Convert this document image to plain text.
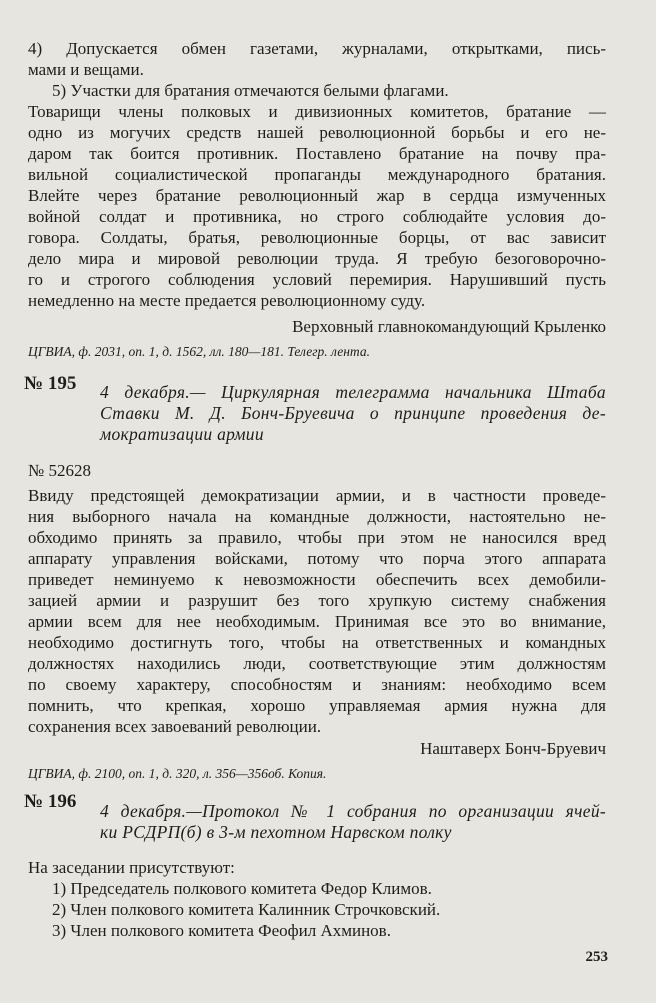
4) Допускается обмен газетами, журналами, открытками, пись-
мами и вещами.
5) Участки для братания отмечаются белыми флагами.
Товарищи члены полковых и дивизионных комитетов, братание —
одно из могучих средств нашей революционной борьбы и его не-
даром так боится противник. Поставлено братание на почву пра-
вильной социалистической пропаганды международного братания.
Влейте через братание революционный жар в сердца измученных
войной солдат и противника, но строго соблюдайте условия до-
говора. Солдаты, братья, революционные борцы, от вас зависит
дело мира и мировой революции труда. Я требую безоговорочно-
го и строгого соблюдения условий перемирия. Нарушивший пусть
немедленно на месте предается революционному суду.
Верховный главнокомандующий Крыленко
ЦГВИА, ф. 2031, оп. 1, д. 1562, лл. 180—181. Телегр. лента.
№ 195 4 декабря.— Циркулярная телеграмма начальника Штаба
Ставки М. Д. Бонч-Бруевича о принципе проведения де-
мократизации армии
№ 52628
Ввиду предстоящей демократизации армии, и в частности проведе-
ния выборного начала на командные должности, настоятельно не-
обходимо принять за правило, чтобы при этом не наносился вред
аппарату управления войсками, потому что порча этого аппарата
приведет неминуемо к невозможности обеспечить всех демобили-
зацией армии и разрушит без того хрупкую систему снабжения
армии всем для нее необходимым. Принимая все это во внимание,
необходимо достигнуть того, чтобы на ответственных и командных
должностях находились люди, соответствующие этим должностям
по своему характеру, способностям и знаниям: необходимо всем
помнить, что крепкая, хорошо управляемая армия нужна для
сохранения всех завоеваний революции.
Наштаверх Бонч-Бруевич
ЦГВИА, ф. 2100, оп. 1, д. 320, л. 356—356об. Копия.
№ 196 4 декабря.—Протокол № 1 собрания по организации ячей-
ки РСДРП(б) в 3-м пехотном Нарвском полку
На заседании присутствуют:
1) Председатель полкового комитета Федор Климов.
2) Член полкового комитета Калинник Строчковский.
3) Член полкового комитета Феофил Ахминов.
253
